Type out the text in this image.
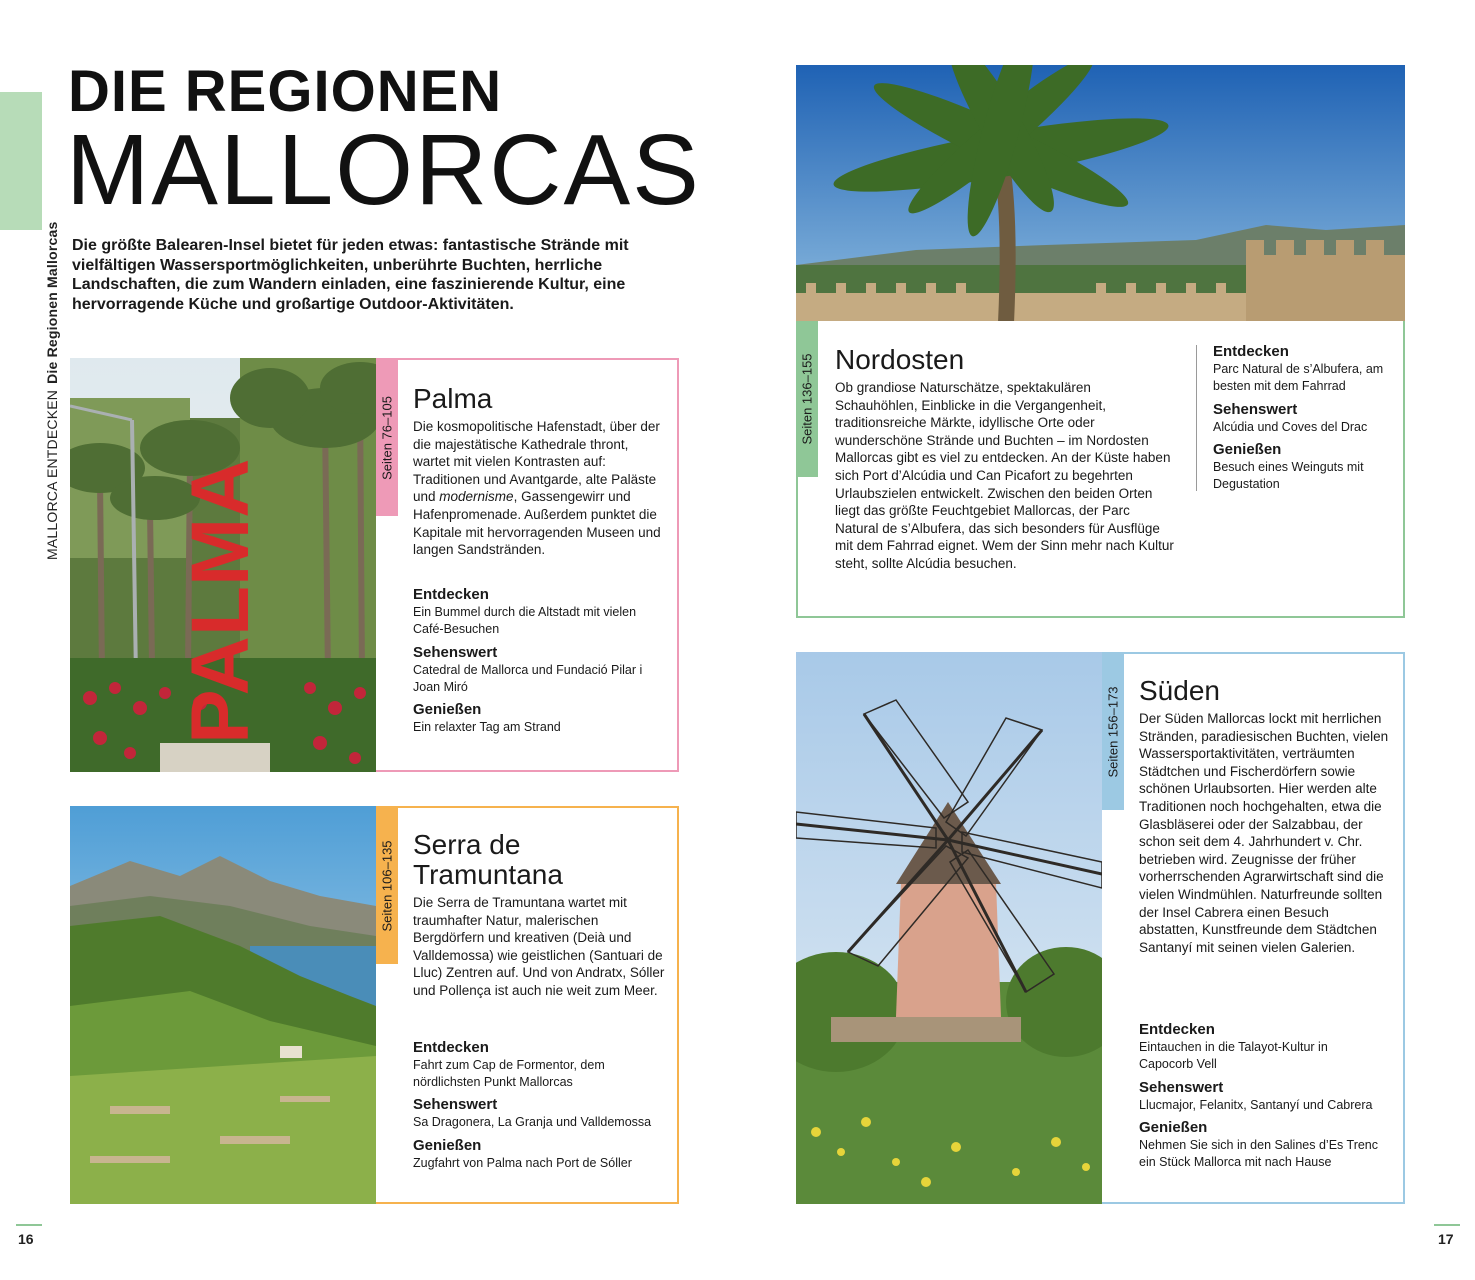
MALLORCA ENTDECKENDie Regionen Mallorcas
DIE REGIONEN
MALLORCAS
Die größte Balearen-Insel bietet für jeden etwas: fantastische Strände mit vielfältigen Wassersportmöglichkeiten, unberührte Buchten, herrliche Landschaften, die zum Wandern einladen, eine faszinierende Kultur, eine hervorragende Küche und großartige Outdoor-Aktivitäten.
PALMA
Seiten 76–105 Palma
Die kosmopolitische Hafenstadt, über der die majestätische Kathedrale thront, wartet mit vielen Kontrasten auf: Traditionen und Avantgarde, alte Paläste und modernisme, Gassengewirr und Hafenpromenade. Außerdem punktet die Kapitale mit hervorragenden Museen und langen Sandstränden.
Entdecken
Ein Bummel durch die Altstadt mit vielen Café-Besuchen
Sehenswert
Catedral de Mallorca und Fundació Pilar i Joan Miró
Genießen
Ein relaxter Tag am Strand
Seiten 106–135 Serra de Tramuntana
Die Serra de Tramuntana wartet mit traumhafter Natur, malerischen Bergdörfern und kreativen (Deià und Valldemossa) wie geistlichen (Santuari de Lluc) Zentren auf. Und von Andratx, Sóller und Pollença ist auch nie weit zum Meer.
Entdecken
Fahrt zum Cap de Formentor, dem nördlichsten Punkt Mallorcas
Sehenswert
Sa Dragonera, La Granja und Valldemossa
Genießen
Zugfahrt von Palma nach Port de Sóller
Seiten 136–155 Nordosten
Ob grandiose Naturschätze, spektakulären Schauhöhlen, Einblicke in die Vergangenheit, traditionsreiche Märkte, idyllische Orte oder wunderschöne Strände und Buchten – im Nordosten Mallorcas gibt es viel zu entdecken. An der Küste haben sich Port d’Alcúdia und Can Picafort zu begehrten Urlaubszielen entwickelt. Zwischen den beiden Orten liegt das größte Feuchtgebiet Mallorcas, der Parc Natural de s’Albufera, das sich besonders für Ausflüge mit dem Fahrrad eignet. Wem der Sinn mehr nach Kultur steht, sollte Alcúdia besuchen.
Entdecken
Parc Natural de s’Albufera, am besten mit dem Fahrrad
Sehenswert
Alcúdia und Coves del Drac
Genießen
Besuch eines Weinguts mit Degustation
Seiten 156–173 Süden
Der Süden Mallorcas lockt mit herrlichen Stränden, paradiesischen Buchten, vielen Wassersportaktivitäten, verträumten Städtchen und Fischerdörfern sowie schönen Urlaubsorten. Hier werden alte Traditionen noch hochgehalten, etwa die Glasbläserei oder der Salzabbau, der schon seit dem 4. Jahrhundert v. Chr. betrieben wird. Zeugnisse der früher vorherrschenden Agrarwirtschaft sind die vielen Windmühlen. Naturfreunde sollten der Insel Cabrera einen Besuch abstatten, Kunstfreunde dem Städtchen Santanyí mit seinen vielen Galerien.
Entdecken
Eintauchen in die Talayot-Kultur in Capocorb Vell
Sehenswert
Llucmajor, Felanitx, Santanyí und Cabrera
Genießen
Nehmen Sie sich in den Salines d’Es Trenc ein Stück Mallorca mit nach Hause
16	17
